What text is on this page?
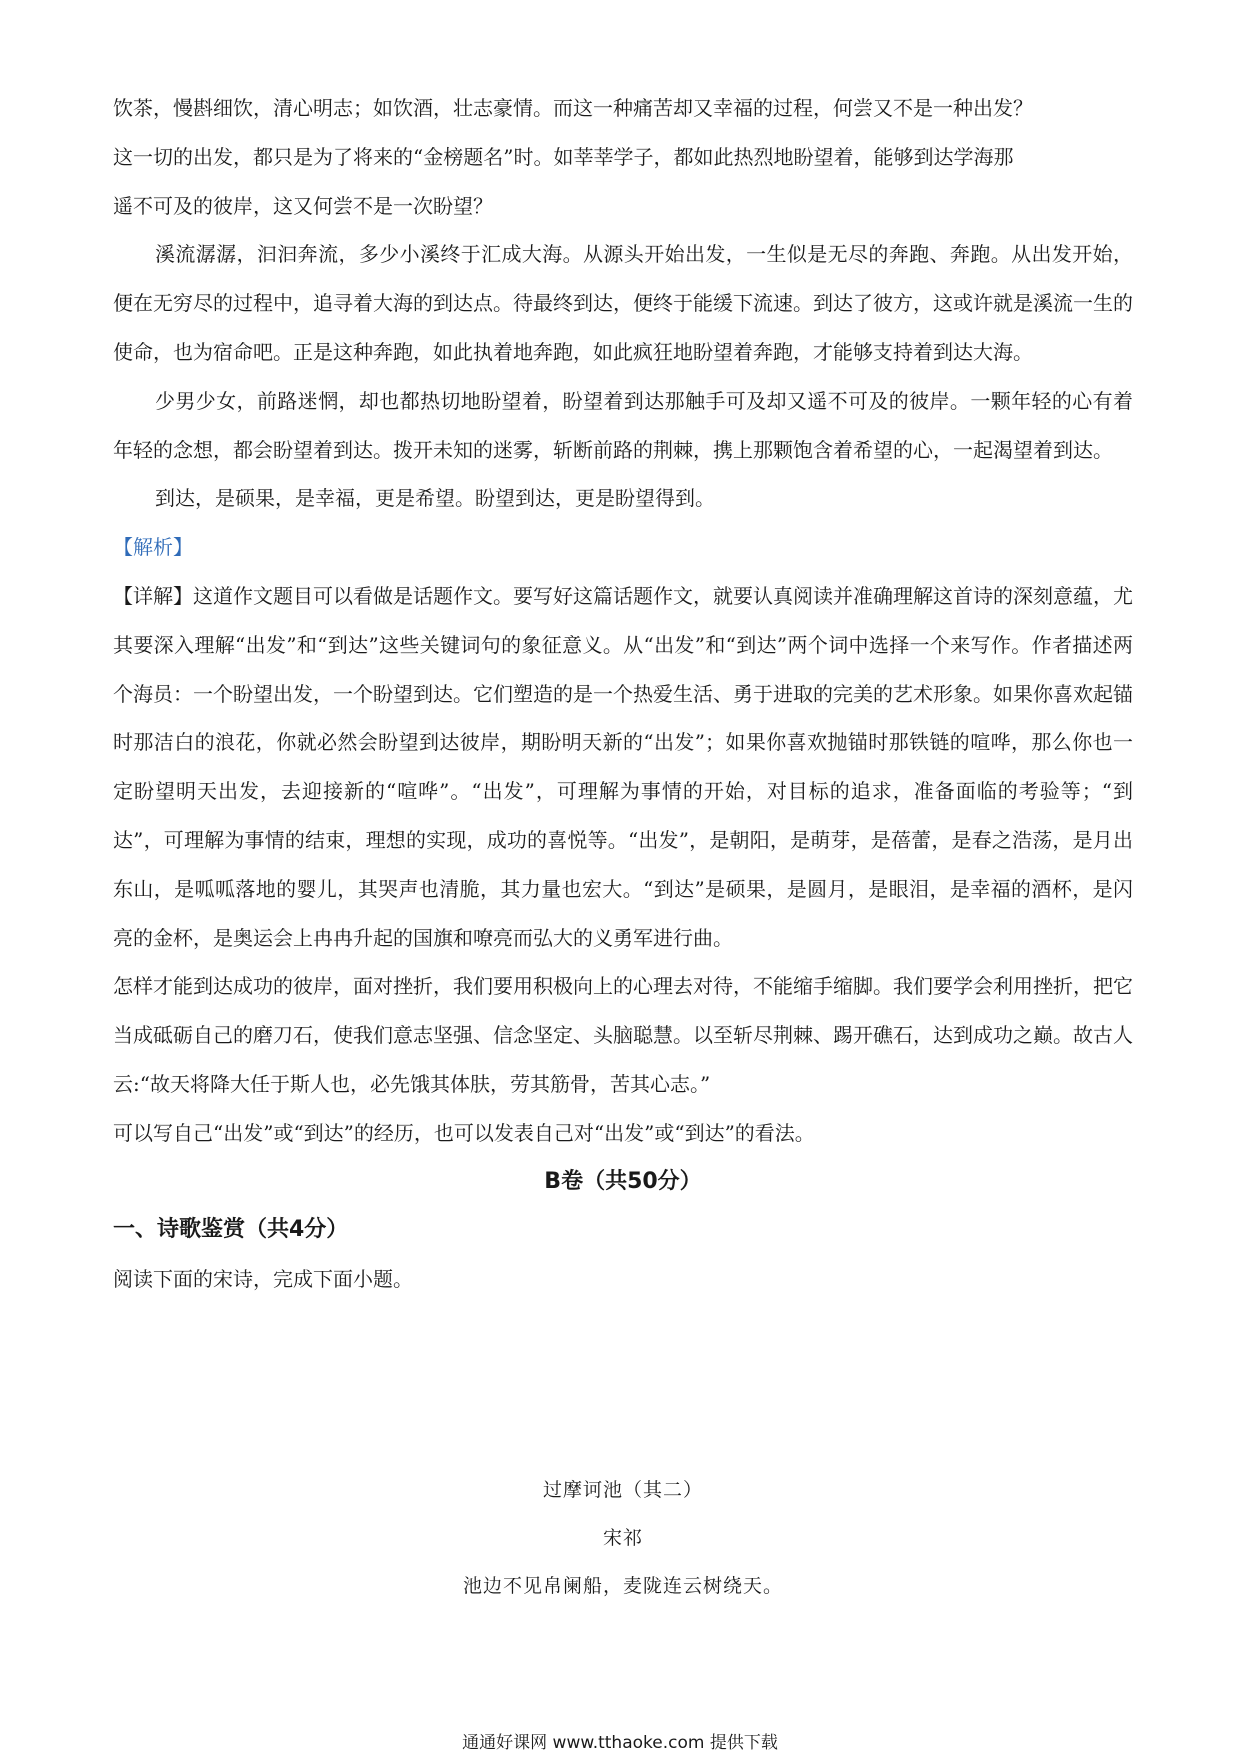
饮茶，慢斟细饮，清心明志；如饮酒，壮志豪情。而这一种痛苦却又幸福的过程，何尝又不是一种出发？
这一切的出发，都只是为了将来的“金榜题名”时。如莘莘学子，都如此热烈地盼望着，能够到达学海那
遥不可及的彼岸，这又何尝不是一次盼望？

溪流潺潺，汩汩奔流，多少小溪终于汇成大海。从源头开始出发，一生似是无尽的奔跑、奔跑。从出发开始，便在无穷尽的过程中，追寻着大海的到达点。待最终到达，便终于能缓下流速。到达了彼方，这或许就是溪流一生的使命，也为宿命吧。正是这种奔跑，如此执着地奔跑，如此疯狂地盼望着奔跑，才能够支持着到达大海。

少男少女，前路迷惘，却也都热切地盼望着，盼望着到达那触手可及却又遥不可及的彼岸。一颗年轻的心有着年轻的念想，都会盼望着到达。拨开未知的迷雾，斩断前路的荆棘，携上那颗饱含着希望的心，一起渴望着到达。

到达，是硕果，是幸福，更是希望。盼望到达，更是盼望得到。

【解析】

【详解】这道作文题目可以看做是话题作文。要写好这篇话题作文，就要认真阅读并准确理解这首诗的深刻意蕴，尤其要深入理解“出发”和“到达”这些关键词句的象征意义。从“出发”和“到达”两个词中选择一个来写作。作者描述两个海员：一个盼望出发，一个盼望到达。它们塑造的是一个热爱生活、勇于进取的完美的艺术形象。如果你喜欢起锚时那洁白的浪花，你就必然会盼望到达彼岸，期盼明天新的“出发”；如果你喜欢抛锚时那铁链的喧哗，那么你也一定盼望明天出发，去迎接新的“喧哗”。“出发”，可理解为事情的开始，对目标的追求，准备面临的考验等；“到达”，可理解为事情的结束，理想的实现，成功的喜悦等。“出发”，是朝阳，是萌芽，是蓓蕾，是春之浩荡，是月出东山，是呱呱落地的婴儿，其哭声也清脆，其力量也宏大。“到达”是硕果，是圆月，是眼泪，是幸福的酒杯，是闪亮的金杯，是奥运会上冉冉升起的国旗和嘹亮而弘大的义勇军进行曲。

怎样才能到达成功的彼岸，面对挫折，我们要用积极向上的心理去对待，不能缩手缩脚。我们要学会利用挫折，把它当成砥砺自己的磨刀石，使我们意志坚强、信念坚定、头脑聪慧。以至斩尽荆棘、踢开礁石，达到成功之巅。故古人云:“故天将降大任于斯人也，必先饿其体肤，劳其筋骨，苦其心志。”

可以写自己“出发”或“到达”的经历，也可以发表自己对“出发”或“到达”的看法。

B卷（共50分）

一、诗歌鉴赏（共4分）

阅读下面的宋诗，完成下面小题。

过摩诃池（其二）
宋祁
池边不见帛阑船，麦陇连云树绕天。
通通好课网 www.tthaoke.com 提供下载
